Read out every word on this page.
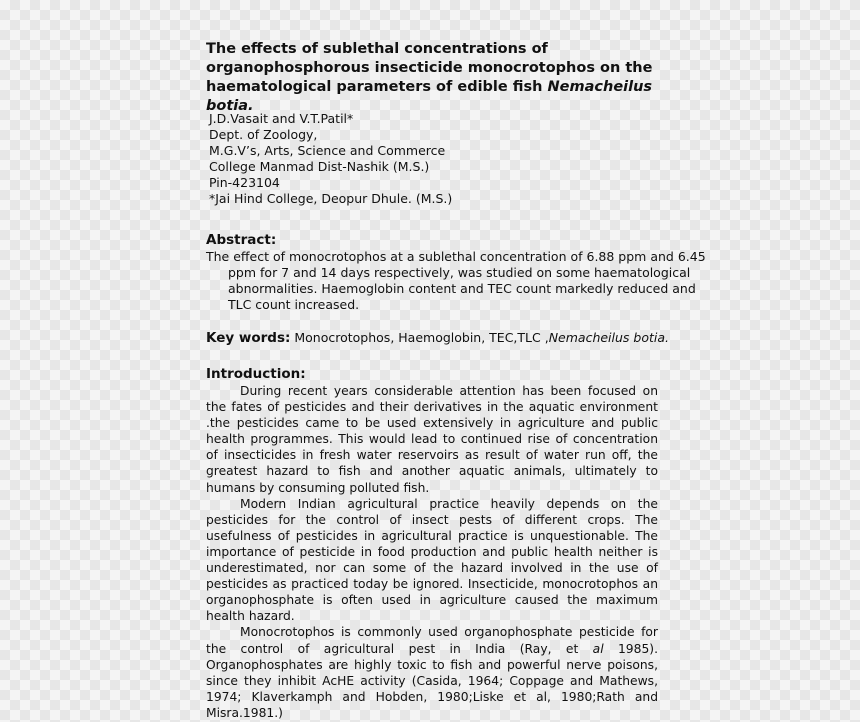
The effects of sublethal concentrations of organophosphorous insecticide monocrotophos on the haematological parameters of edible fish Nemacheilus botia.
J.D.Vasait and V.T.Patil*
Dept. of Zoology,
M.G.V’s, Arts, Science and Commerce
College Manmad Dist-Nashik (M.S.)
Pin-423104
*Jai Hind College, Deopur Dhule. (M.S.)
Abstract:
The effect of monocrotophos at a sublethal concentration of 6.88 ppm and 6.45
ppm for 7 and 14 days respectively, was studied on some haematological
abnormalities. Haemoglobin content and TEC count markedly reduced and
TLC count increased.
Key words: Monocrotophos, Haemoglobin, TEC,TLC ,Nemacheilus botia.
Introduction:

During recent years considerable attention has been focused on the fates of pesticides and their derivatives in the aquatic environment .the pesticides came to be used extensively in agriculture and public health programmes. This would lead to continued rise of concentration of insecticides in fresh water reservoirs as result of water run off, the greatest hazard to fish and another aquatic animals, ultimately to humans by consuming polluted fish.

Modern Indian agricultural practice heavily depends on the pesticides for the control of insect pests of different crops. The usefulness of pesticides in agricultural practice is unquestionable. The importance of pesticide in food production and public health neither is underestimated, nor can some of the hazard involved in the use of pesticides as practiced today be ignored. Insecticide, monocrotophos an organophosphate is often used in agriculture caused the maximum health hazard.

Monocrotophos is commonly used organophosphate pesticide for the control of agricultural pest in India (Ray, et al 1985). Organophosphates are highly toxic to fish and powerful nerve poisons, since they inhibit AcHE activity (Casida, 1964; Coppage and Mathews, 1974; Klaverkamph and Hobden, 1980;Liske et al, 1980;Rath and Misra.1981.)
